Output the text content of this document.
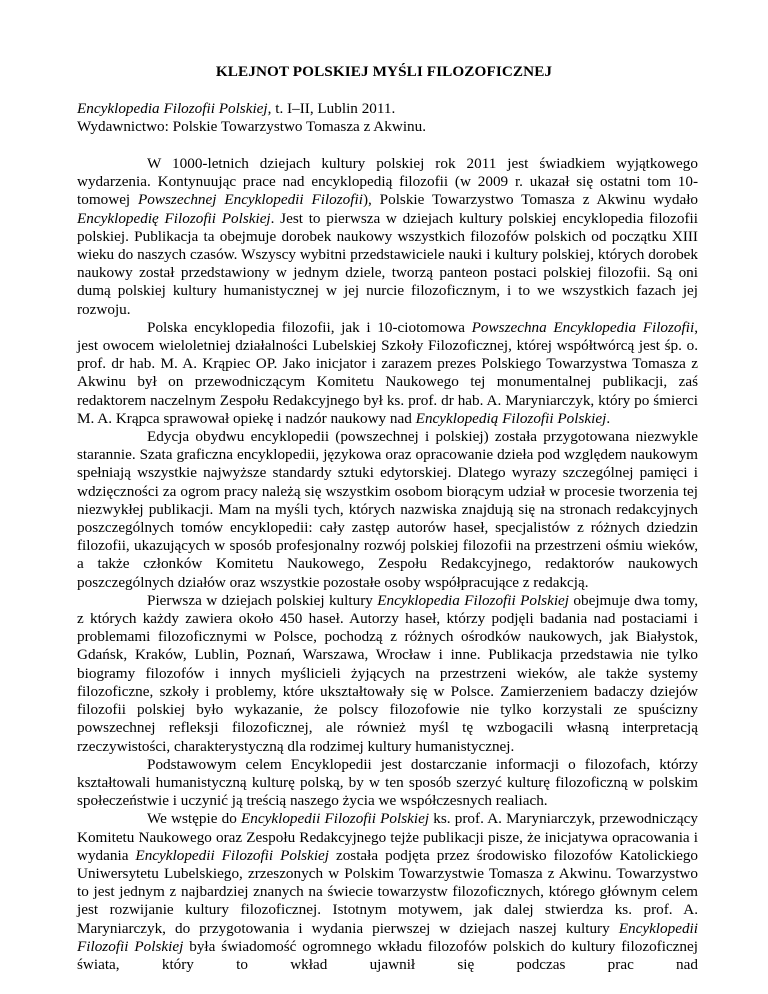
KLEJNOT POLSKIEJ MYŚLI FILOZOFICZNEJ
Encyklopedia Filozofii Polskiej, t. I–II, Lublin 2011.
Wydawnictwo: Polskie Towarzystwo Tomasza z Akwinu.

W 1000-letnich dziejach kultury polskiej rok 2011 jest świadkiem wyjątkowego wydarzenia. Kontynuując prace nad encyklopedią filozofii (w 2009 r. ukazał się ostatni tom 10-tomowej Powszechnej Encyklopedii Filozofii), Polskie Towarzystwo Tomasza z Akwinu wydało Encyklopedię Filozofii Polskiej. Jest to pierwsza w dziejach kultury polskiej encyklopedia filozofii polskiej. Publikacja ta obejmuje dorobek naukowy wszystkich filozofów polskich od początku XIII wieku do naszych czasów. Wszyscy wybitni przedstawiciele nauki i kultury polskiej, których dorobek naukowy został przedstawiony w jednym dziele, tworzą panteon postaci polskiej filozofii. Są oni dumą polskiej kultury humanistycznej w jej nurcie filozoficznym, i to we wszystkich fazach jej rozwoju.

Polska encyklopedia filozofii, jak i 10-ciotomowa Powszechna Encyklopedia Filozofii, jest owocem wieloletniej działalności Lubelskiej Szkoły Filozoficznej, której współtwórcą jest śp. o. prof. dr hab. M. A. Krąpiec OP. Jako inicjator i zarazem prezes Polskiego Towarzystwa Tomasza z Akwinu był on przewodniczącym Komitetu Naukowego tej monumentalnej publikacji, zaś redaktorem naczelnym Zespołu Redakcyjnego był ks. prof. dr hab. A. Maryniarczyk, który po śmierci M. A. Krąpca sprawował opiekę i nadzór naukowy nad Encyklopedią Filozofii Polskiej.

Edycja obydwu encyklopedii (powszechnej i polskiej) została przygotowana niezwykle starannie. Szata graficzna encyklopedii, językowa oraz opracowanie dzieła pod względem naukowym spełniają wszystkie najwyższe standardy sztuki edytorskiej. Dlatego wyrazy szczególnej pamięci i wdzięczności za ogrom pracy należą się wszystkim osobom biorącym udział w procesie tworzenia tej niezwykłej publikacji. Mam na myśli tych, których nazwiska znajdują się na stronach redakcyjnych poszczególnych tomów encyklopedii: cały zastęp autorów haseł, specjalistów z różnych dziedzin filozofii, ukazujących w sposób profesjonalny rozwój polskiej filozofii na przestrzeni ośmiu wieków, a także członków Komitetu Naukowego, Zespołu Redakcyjnego, redaktorów naukowych poszczególnych działów oraz wszystkie pozostałe osoby współpracujące z redakcją.

Pierwsza w dziejach polskiej kultury Encyklopedia Filozofii Polskiej obejmuje dwa tomy, z których każdy zawiera około 450 haseł. Autorzy haseł, którzy podjęli badania nad postaciami i problemami filozoficznymi w Polsce, pochodzą z różnych ośrodków naukowych, jak Białystok, Gdańsk, Kraków, Lublin, Poznań, Warszawa, Wrocław i inne. Publikacja przedstawia nie tylko biogramy filozofów i innych myślicieli żyjących na przestrzeni wieków, ale także systemy filozoficzne, szkoły i problemy, które ukształtowały się w Polsce. Zamierzeniem badaczy dziejów filozofii polskiej było wykazanie, że polscy filozofowie nie tylko korzystali ze spuścizny powszechnej refleksji filozoficznej, ale również myśl tę wzbogacili własną interpretacją rzeczywistości, charakterystyczną dla rodzimej kultury humanistycznej.

Podstawowym celem Encyklopedii jest dostarczanie informacji o filozofach, którzy kształtowali humanistyczną kulturę polską, by w ten sposób szerzyć kulturę filozoficzną w polskim społeczeństwie i uczynić ją treścią naszego życia we współczesnych realiach.

We wstępie do Encyklopedii Filozofii Polskiej ks. prof. A. Maryniarczyk, przewodniczący Komitetu Naukowego oraz Zespołu Redakcyjnego tejże publikacji pisze, że inicjatywa opracowania i wydania Encyklopedii Filozofii Polskiej została podjęta przez środowisko filozofów Katolickiego Uniwersytetu Lubelskiego, zrzeszonych w Polskim Towarzystwie Tomasza z Akwinu. Towarzystwo to jest jednym z najbardziej znanych na świecie towarzystw filozoficznych, którego głównym celem jest rozwijanie kultury filozoficznej. Istotnym motywem, jak dalej stwierdza ks. prof. A. Maryniarczyk, do przygotowania i wydania pierwszej w dziejach naszej kultury Encyklopedii Filozofii Polskiej była świadomość ogromnego wkładu filozofów polskich do kultury filozoficznej świata, który to wkład ujawnił się podczas prac nad
